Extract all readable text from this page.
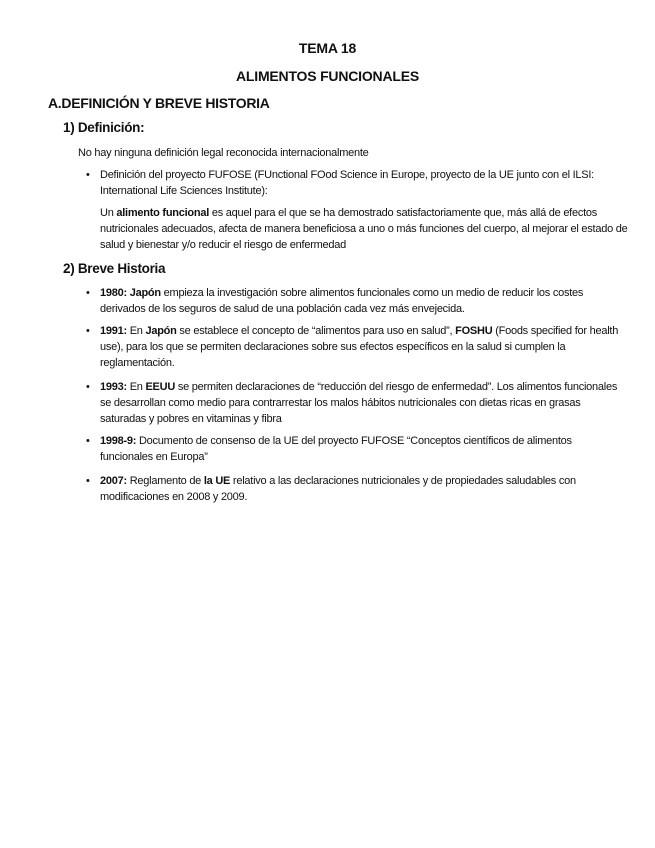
TEMA 18
ALIMENTOS FUNCIONALES
A.DEFINICIÓN Y BREVE HISTORIA
1) Definición:
No hay ninguna definición legal reconocida internacionalmente
• Definición del proyecto FUFOSE (FUnctional FOod Science in Europe, proyecto de la UE junto con el ILSI: International Life Sciences Institute):
Un alimento funcional es aquel para el que se ha demostrado satisfactoriamente que, más allá de efectos nutricionales adecuados, afecta de manera beneficiosa a uno o más funciones del cuerpo, al mejorar el estado de salud y bienestar y/o reducir el riesgo de enfermedad
2) Breve Historia
• 1980: Japón empieza la investigación sobre alimentos funcionales como un medio de reducir los costes derivados de los seguros de salud de una población cada vez más envejecida.
• 1991: En Japón se establece el concepto de “alimentos para uso en salud”, FOSHU (Foods specified for health use), para los que se permiten declaraciones sobre sus efectos específicos en la salud si cumplen la reglamentación.
• 1993: En EEUU se permiten declaraciones de “reducción del riesgo de enfermedad”. Los alimentos funcionales se desarrollan como medio para contrarrestar los malos hábitos nutricionales con dietas ricas en grasas saturadas y pobres en vitaminas y fibra
• 1998-9: Documento de consenso de la UE del proyecto FUFOSE “Conceptos científicos de alimentos funcionales en Europa”
• 2007: Reglamento de la UE relativo a las declaraciones nutricionales y de propiedades saludables con modificaciones en 2008 y 2009.
